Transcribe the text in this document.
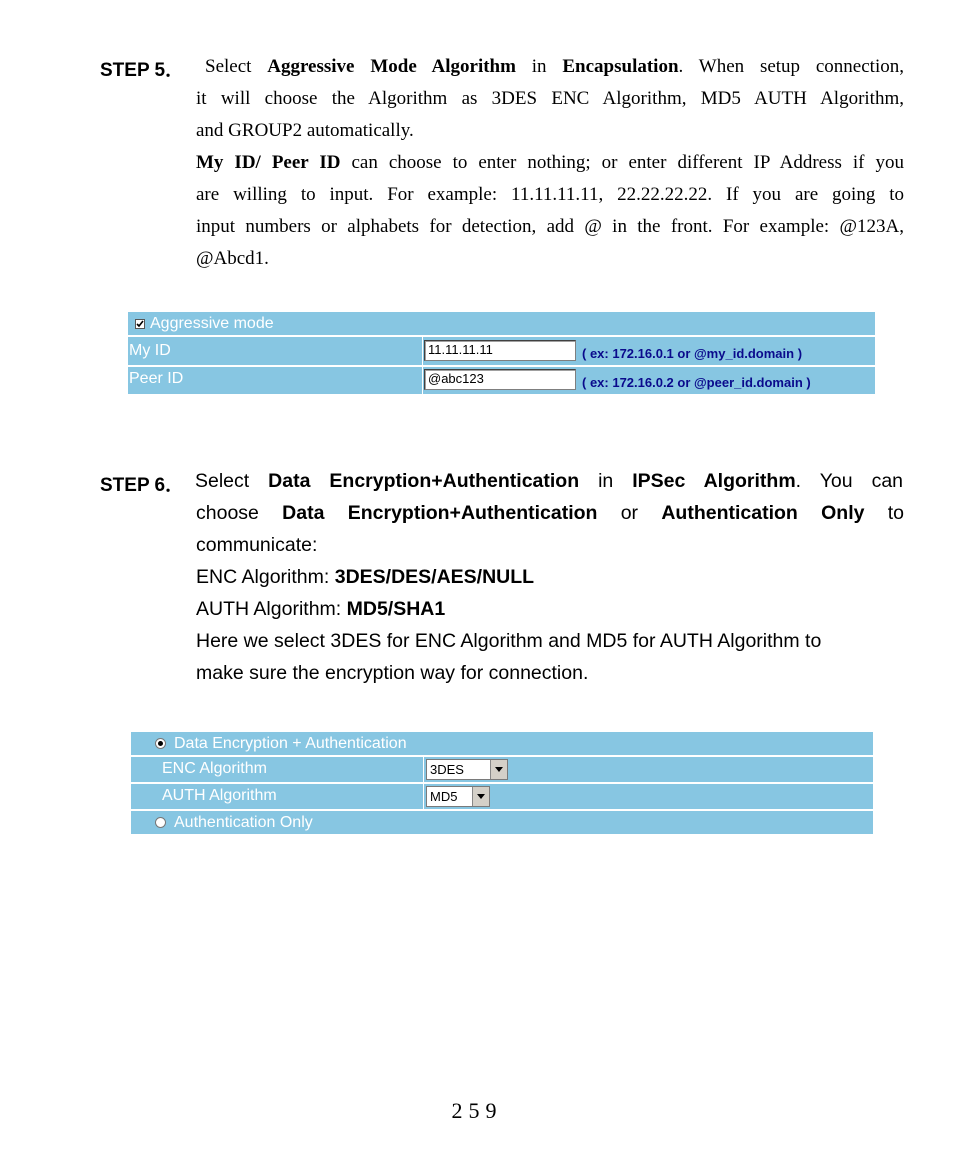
STEP 5． Select Aggressive Mode Algorithm in Encapsulation. When setup connection,
it will choose the Algorithm as 3DES ENC Algorithm, MD5 AUTH Algorithm,
and GROUP2 automatically.
My ID/ Peer ID can choose to enter nothing; or enter different IP Address if you
are willing to input. For example: 11.11.11.11, 22.22.22.22. If you are going to
input numbers or alphabets for detection, add @ in the front. For example: @123A,
@Abcd1.
Aggressive mode
My ID	11.11.11.11	( ex: 172.16.0.1 or @my_id.domain )
Peer ID	@abc123	( ex: 172.16.0.2 or @peer_id.domain )
STEP 6． Select Data Encryption+Authentication in IPSec Algorithm. You can
choose Data Encryption+Authentication or Authentication Only to
communicate:
ENC Algorithm: 3DES/DES/AES/NULL
AUTH Algorithm: MD5/SHA1
Here we select 3DES for ENC Algorithm and MD5 for AUTH Algorithm to
make sure the encryption way for connection.
Data Encryption + Authentication
ENC Algorithm	3DES
AUTH Algorithm	MD5
Authentication Only
259
